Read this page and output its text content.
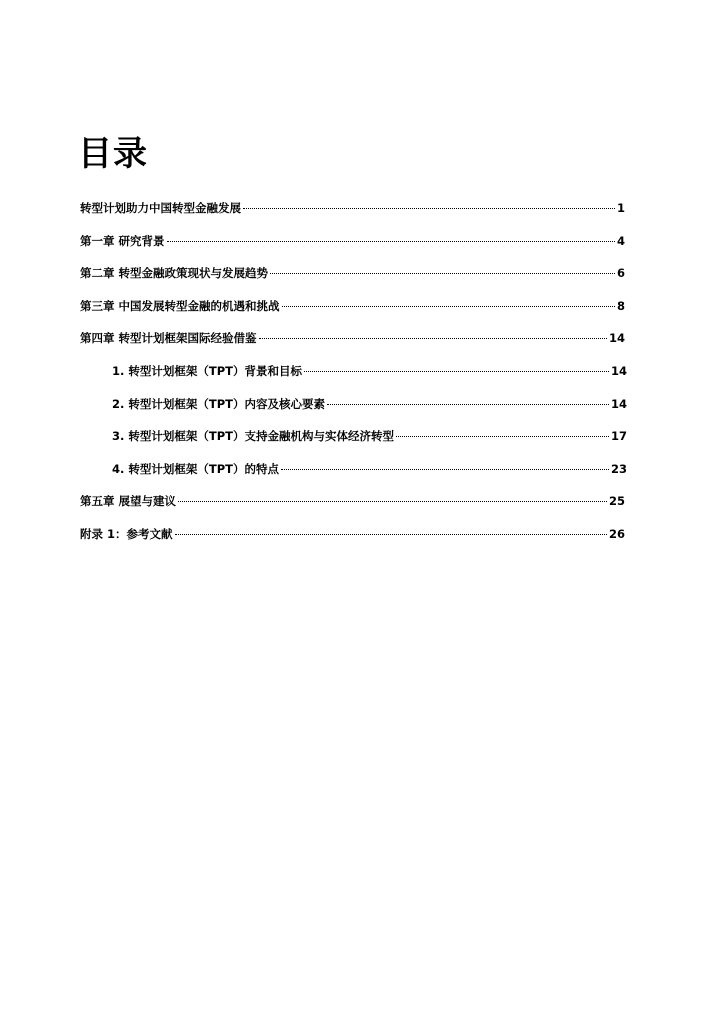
目录
转型计划助力中国转型金融发展	1
第一章 研究背景	4
第二章 转型金融政策现状与发展趋势	6
第三章 中国发展转型金融的机遇和挑战	8
第四章 转型计划框架国际经验借鉴	14
1. 转型计划框架（TPT）背景和目标	14
2. 转型计划框架（TPT）内容及核心要素	14
3. 转型计划框架（TPT）支持金融机构与实体经济转型	17
4. 转型计划框架（TPT）的特点	23
第五章 展望与建议	25
附录 1：参考文献	26
